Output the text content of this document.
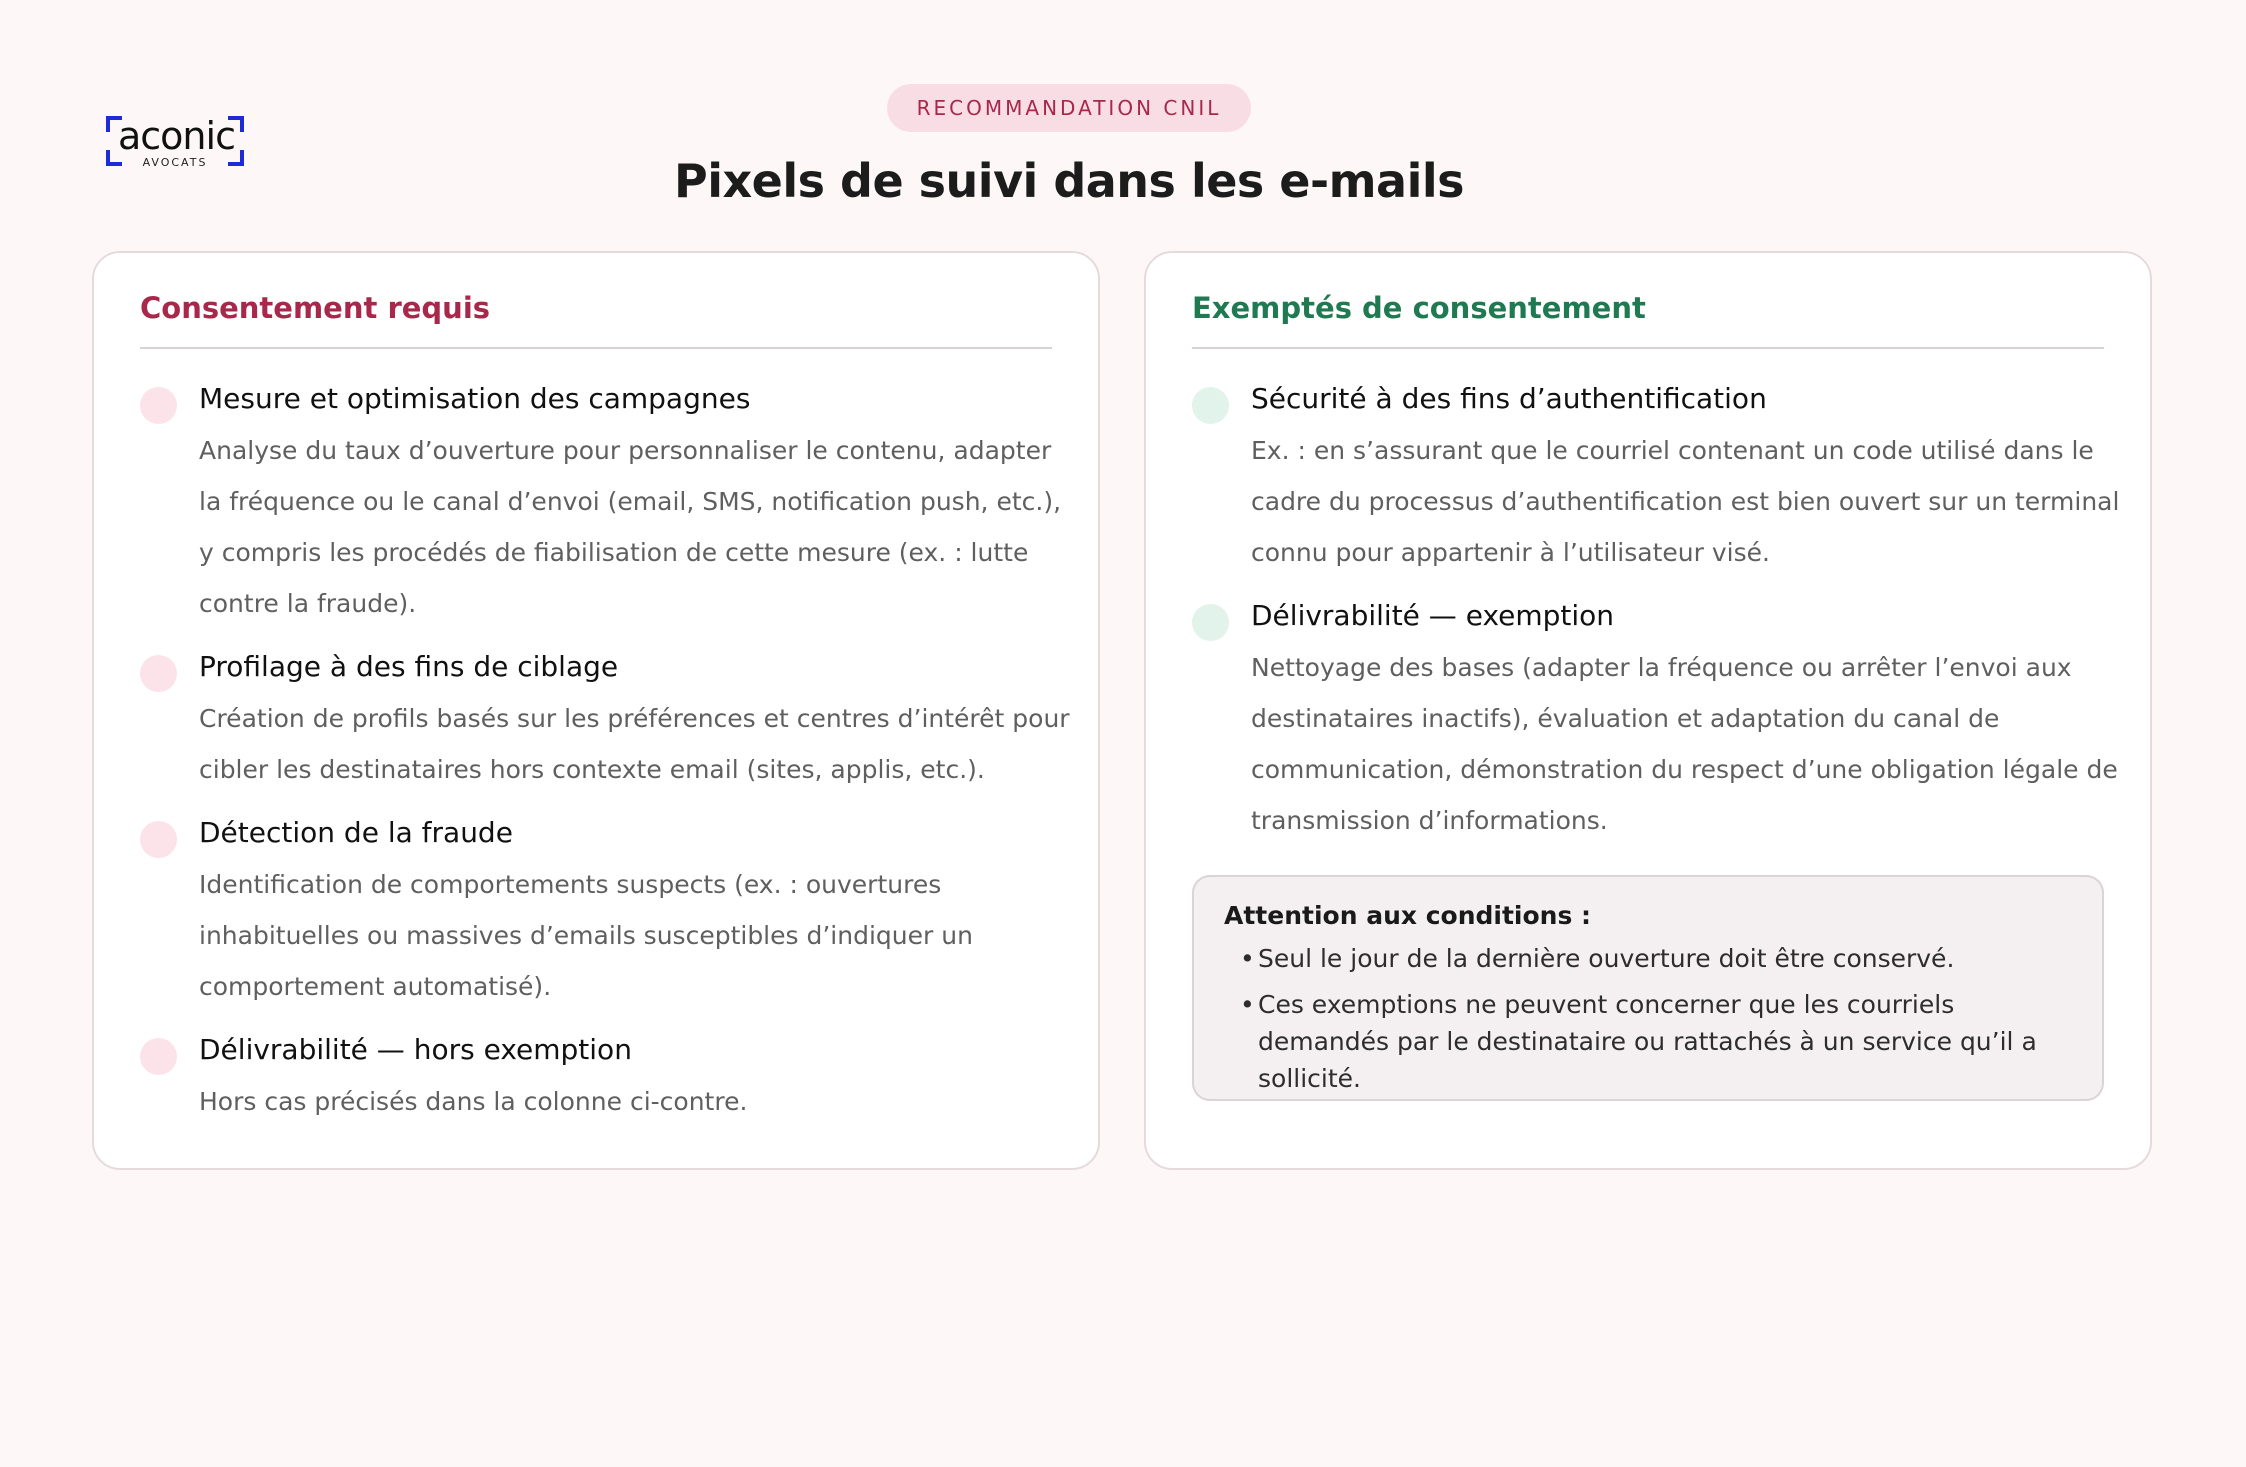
aconic
AVOCATS
RECOMMANDATION CNIL
Pixels de suivi dans les e-mails
Consentement requis
Mesure et optimisation des campagnes
Analyse du taux d’ouverture pour personnaliser le contenu, adapter la fréquence ou le canal d’envoi (email, SMS, notification push, etc.), y compris les procédés de fiabilisation de cette mesure (ex. : lutte contre la fraude).
Profilage à des fins de ciblage
Création de profils basés sur les préférences et centres d’intérêt pour cibler les destinataires hors contexte email (sites, applis, etc.).
Détection de la fraude
Identification de comportements suspects (ex. : ouvertures inhabituelles ou massives d’emails susceptibles d’indiquer un comportement automatisé).
Délivrabilité — hors exemption
Hors cas précisés dans la colonne ci-contre.
Exemptés de consentement
Sécurité à des fins d’authentification
Ex. : en s’assurant que le courriel contenant un code utilisé dans le cadre du processus d’authentification est bien ouvert sur un terminal connu pour appartenir à l’utilisateur visé.
Délivrabilité — exemption
Nettoyage des bases (adapter la fréquence ou arrêter l’envoi aux destinataires inactifs), évaluation et adaptation du canal de communication, démonstration du respect d’une obligation légale de transmission d’informations.
Attention aux conditions :
• Seul le jour de la dernière ouverture doit être conservé.
• Ces exemptions ne peuvent concerner que les courriels demandés par le destinataire ou rattachés à un service qu’il a sollicité.
